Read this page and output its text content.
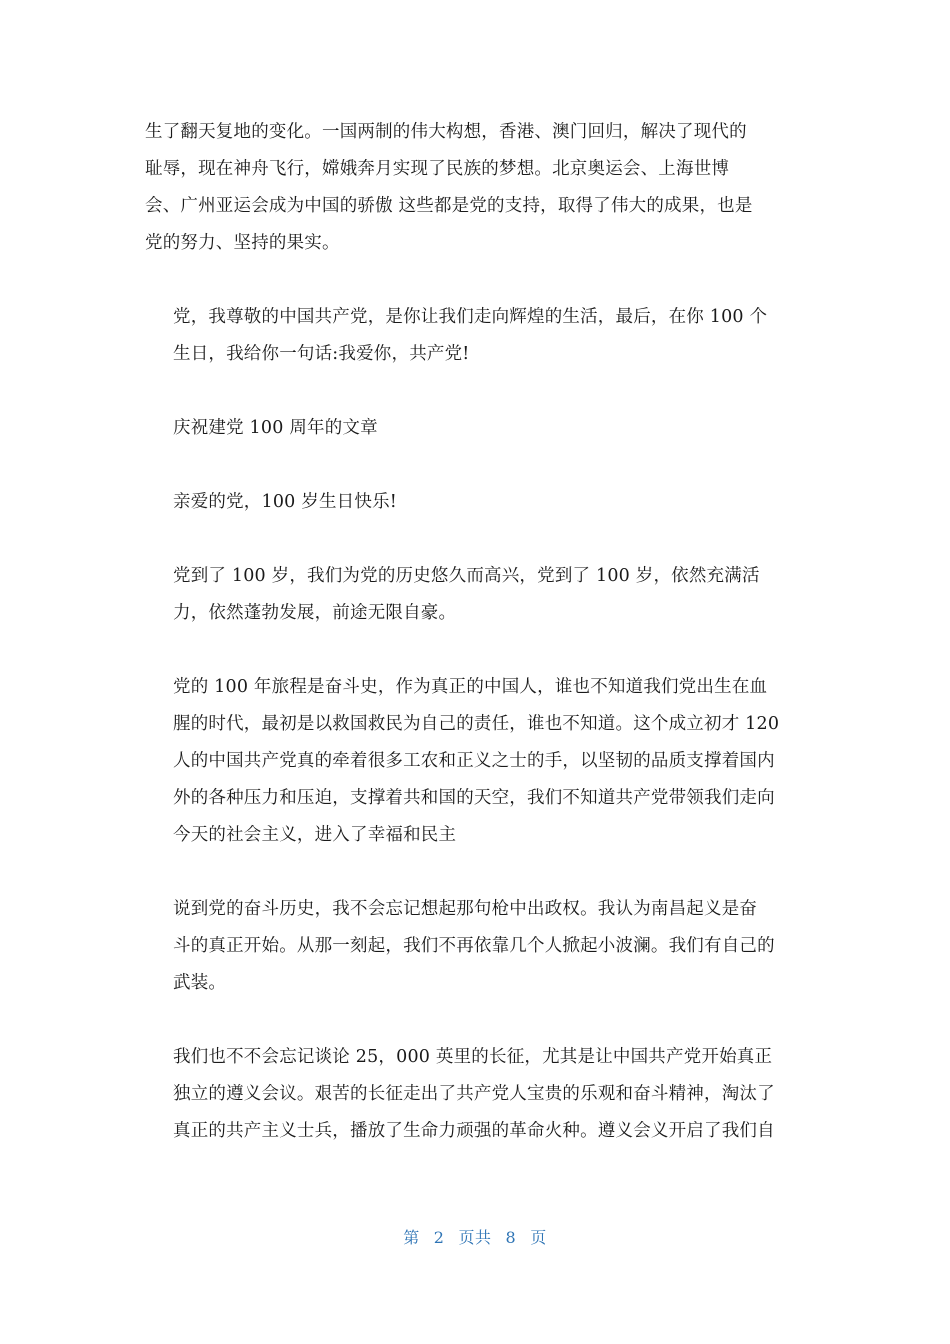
生了翻天复地的变化。一国两制的伟大构想，香港、澳门回归，解决了现代的
耻辱，现在神舟飞行，嫦娥奔月实现了民族的梦想。北京奥运会、上海世博
会、广州亚运会成为中国的骄傲 这些都是党的支持，取得了伟大的成果，也是
党的努力、坚持的果实。

党，我尊敬的中国共产党，是你让我们走向辉煌的生活，最后，在你 100 个
生日，我给你一句话:我爱你，共产党!

庆祝建党 100 周年的文章

亲爱的党，100 岁生日快乐!

党到了 100 岁，我们为党的历史悠久而高兴，党到了 100 岁，依然充满活
力，依然蓬勃发展，前途无限自豪。

党的 100 年旅程是奋斗史，作为真正的中国人，谁也不知道我们党出生在血
腥的时代，最初是以救国救民为自己的责任，谁也不知道。这个成立初才 120
人的中国共产党真的牵着很多工农和正义之士的手，以坚韧的品质支撑着国内
外的各种压力和压迫，支撑着共和国的天空，我们不知道共产党带领我们走向
今天的社会主义，进入了幸福和民主

说到党的奋斗历史，我不会忘记想起那句枪中出政权。我认为南昌起义是奋
斗的真正开始。从那一刻起，我们不再依靠几个人掀起小波澜。我们有自己的
武装。

我们也不不会忘记谈论 25，000 英里的长征，尤其是让中国共产党开始真正
独立的遵义会议。艰苦的长征走出了共产党人宝贵的乐观和奋斗精神，淘汰了
真正的共产主义士兵，播放了生命力顽强的革命火种。遵义会义开启了我们自

第 2 页共 8 页
